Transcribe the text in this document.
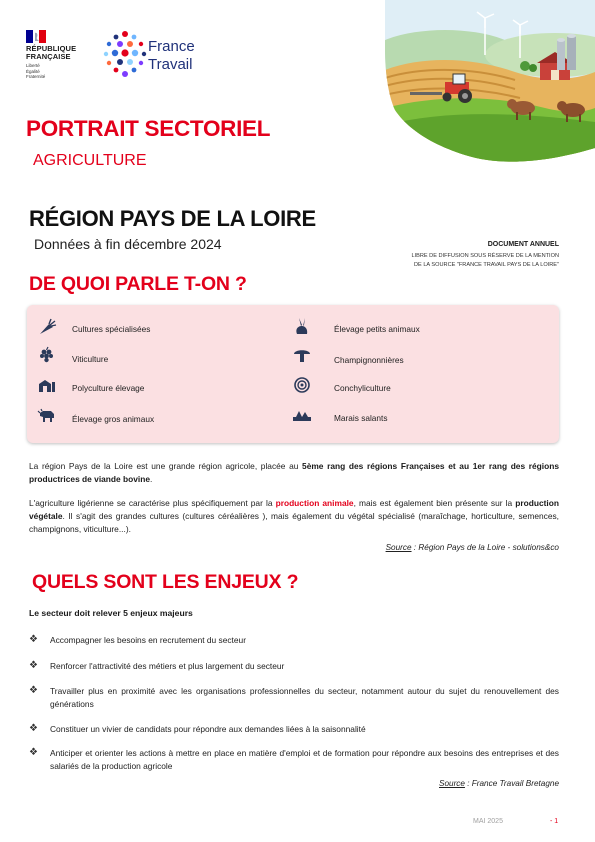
RÉPUBLIQUE
FRANÇAISE
Liberté
Égalité
Fraternité
France
Travail
PORTRAIT SECTORIEL
AGRICULTURE
RÉGION PAYS DE LA LOIRE
Données à fin décembre 2024	DOCUMENT ANNUEL
LIBRE DE DIFFUSION SOUS RÉSERVE DE LA MENTION
DE LA SOURCE "FRANCE TRAVAIL PAYS DE LA LOIRE"
DE QUOI PARLE T-ON ?
Cultures spécialisées
Viticulture
Polyculture élevage
Élevage gros animaux
Élevage petits animaux
Champignonnières
Conchyliculture
Marais salants
La région Pays de la Loire est une grande région agricole, placée au 5ème rang des régions Françaises et au 1er rang des régions productrices de viande bovine.
L'agriculture ligérienne se caractérise plus spécifiquement par la production animale, mais est également bien présente sur la production végétale. Il s'agit des grandes cultures (cultures céréalières ), mais également du végétal spécialisé (maraîchage, horticulture, semences, champignons, viticulture...).
Source : Région Pays de la Loire - solutions&co
QUELS SONT LES ENJEUX ?
Le secteur doit relever 5 enjeux majeurs
❖ Accompagner les besoins en recrutement du secteur
❖ Renforcer l'attractivité des métiers et plus largement du secteur
❖ Travailler plus en proximité avec les organisations professionnelles du secteur, notamment autour du sujet du renouvellement des générations
❖ Constituer un vivier de candidats pour répondre aux demandes liées à la saisonnalité
❖ Anticiper et orienter les actions à mettre en place en matière d'emploi et de formation pour répondre aux besoins des entreprises et des salariés de la production agricole
Source : France Travail Bretagne
MAI 2025	- 1
